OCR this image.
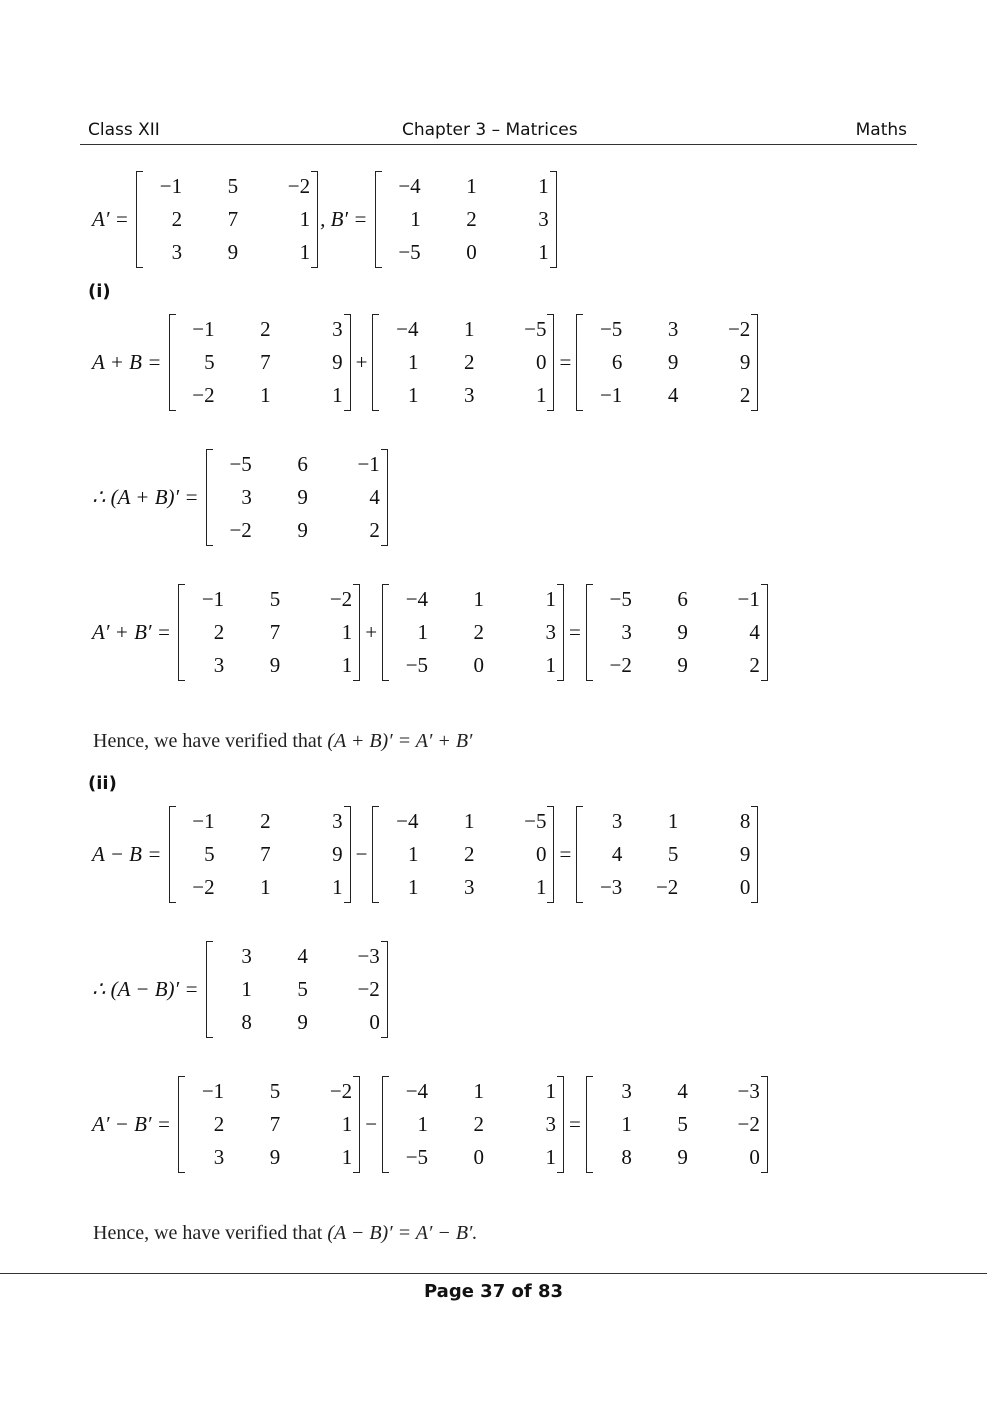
Class XII	Chapter 3 – Matrices	Maths
A′ =
−1	5	−2
2	7	1
3	9	1
, B′ =
−4	1	1
1	2	3
−5	0	1
(i)
A + B =
−1	2	3
5	7	9
−2	1	1
+
−4	1	−5
1	2	0
1	3	1
=
−5	3	−2
6	9	9
−1	4	2
∴ (A + B)′ =
−5	6	−1
3	9	4
−2	9	2
A′ + B′ =
−1	5	−2
2	7	1
3	9	1
+
−4	1	1
1	2	3
−5	0	1
=
−5	6	−1
3	9	4
−2	9	2
Hence, we have verified that (A + B)′ = A′ + B′
(ii)
A − B =
−1	2	3
5	7	9
−2	1	1
−
−4	1	−5
1	2	0
1	3	1
=
3	1	8
4	5	9
−3	−2	0
∴ (A − B)′ =
3	4	−3
1	5	−2
8	9	0
A′ − B′ =
−1	5	−2
2	7	1
3	9	1
−
−4	1	1
1	2	3
−5	0	1
=
3	4	−3
1	5	−2
8	9	0
Hence, we have verified that (A − B)′ = A′ − B′.
Page 37 of 83
